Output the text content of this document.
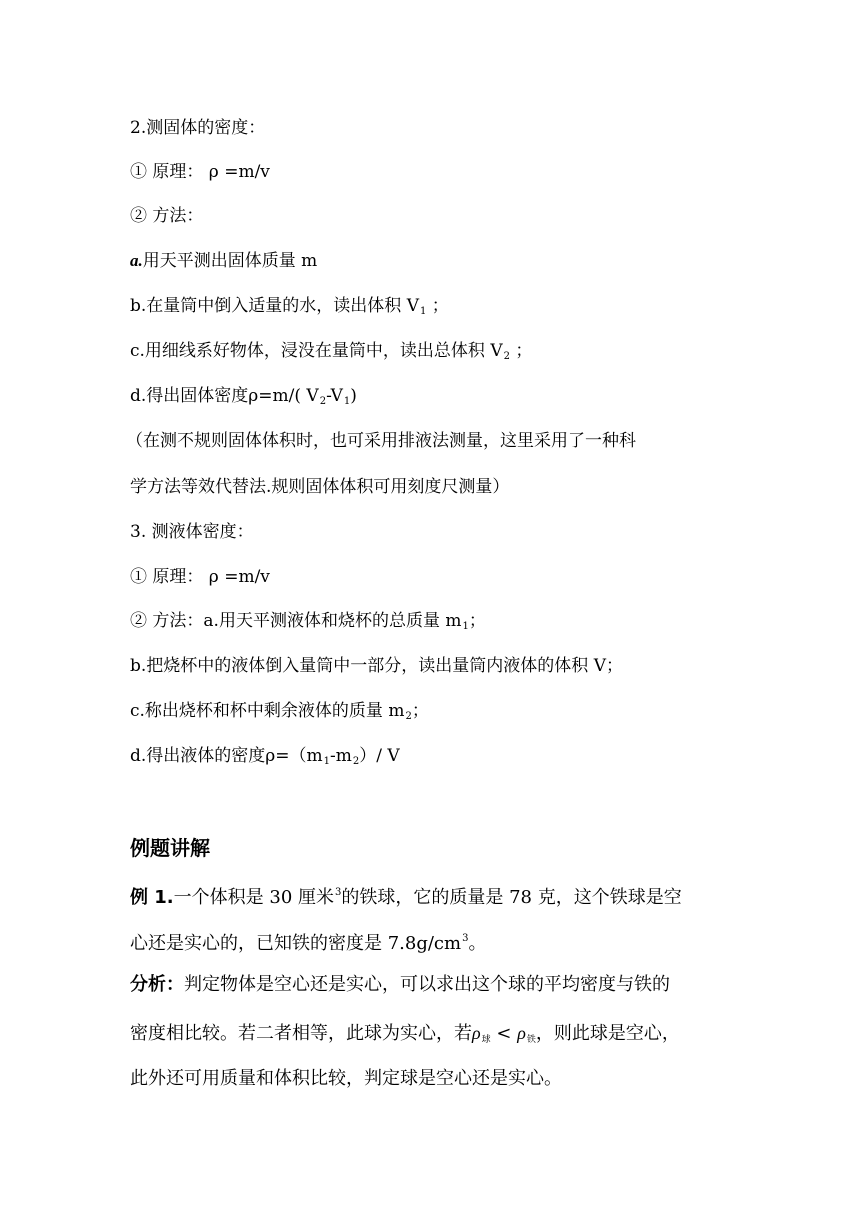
2.测固体的密度：
① 原理： ρ =m/v
② 方法：
a.用天平测出固体质量 m
b.在量筒中倒入适量的水，读出体积 $V_1$ ；
c.用细线系好物体，浸没在量筒中，读出总体积 $V_2$ ；
d.得出固体密度ρ=m/( $V_2-V_1$)
（在测不规则固体体积时，也可采用排液法测量，这里采用了一种科
学方法等效代替法.规则固体体积可用刻度尺测量）
3. 测液体密度：
① 原理： ρ =m/v
② 方法：a.用天平测液体和烧杯的总质量 $m_1$；
b.把烧杯中的液体倒入量筒中一部分，读出量筒内液体的体积 V；
c.称出烧杯和杯中剩余液体的质量 $m_2$；
d.得出液体的密度$\rho=(m_1-m_2)/$ V
例题讲解
例 1.一个体积是 30 厘米$^3$的铁球，它的质量是 78 克，这个铁球是空
心还是实心的，已知铁的密度是 $7.8g/cm^3$。
分析：判定物体是空心还是实心，可以求出这个球的平均密度与铁的
密度相比较。若二者相等，此球为实心，若ρ球 < ρ铁，则此球是空心，
此外还可用质量和体积比较，判定球是空心还是实心。
